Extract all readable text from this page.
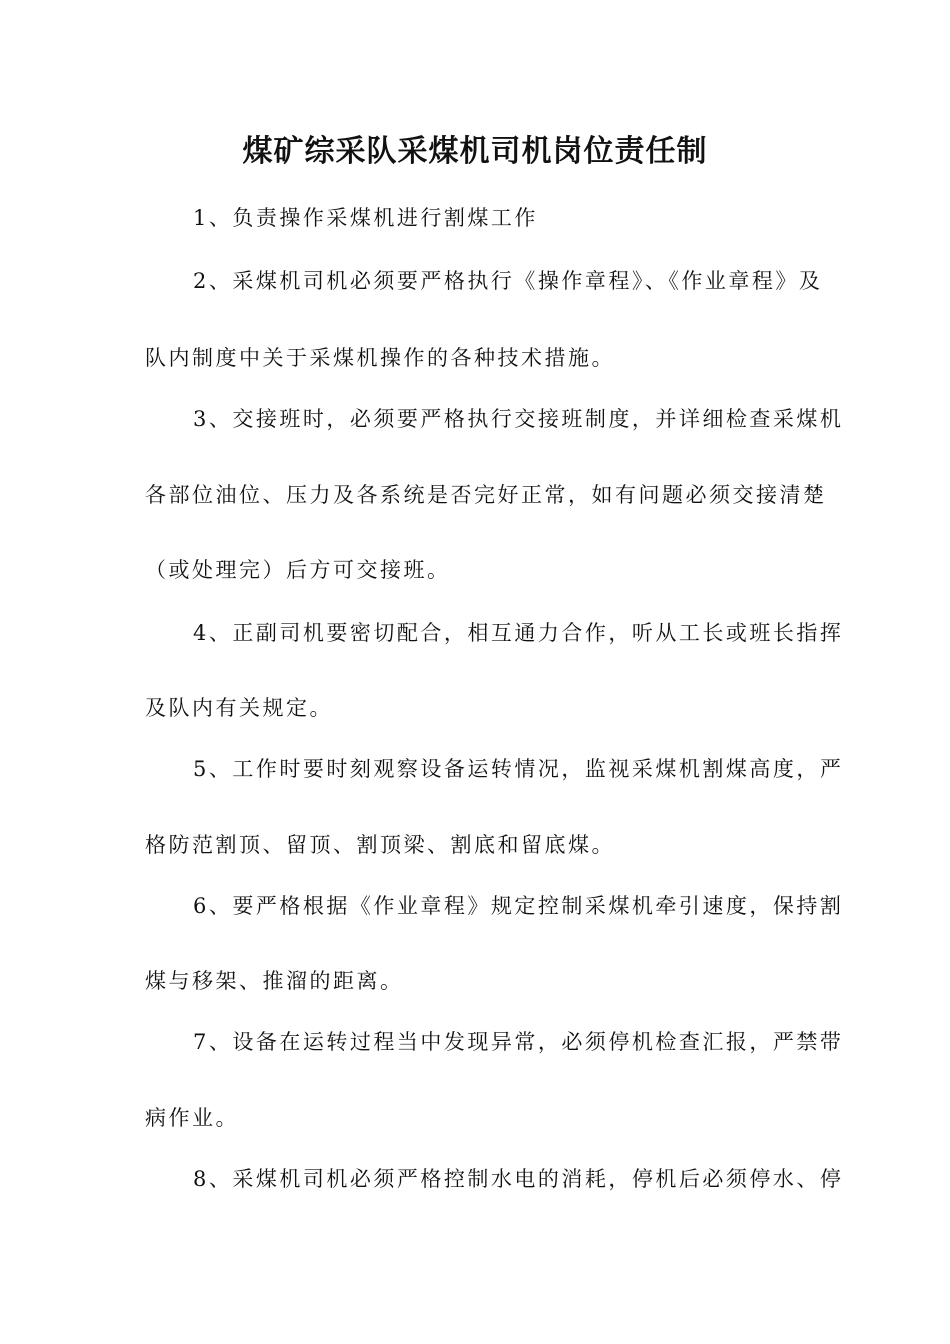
煤矿综采队采煤机司机岗位责任制
1、负责操作采煤机进行割煤工作
2、采煤机司机必须要严格执行《操作章程》、《作业章程》及
队内制度中关于采煤机操作的各种技术措施。
3、交接班时，必须要严格执行交接班制度，并详细检查采煤机
各部位油位、压力及各系统是否完好正常，如有问题必须交接清楚
（或处理完）后方可交接班。
4、正副司机要密切配合，相互通力合作，听从工长或班长指挥
及队内有关规定。
5、工作时要时刻观察设备运转情况，监视采煤机割煤高度，严
格防范割顶、留顶、割顶梁、割底和留底煤。
6、要严格根据《作业章程》规定控制采煤机牵引速度，保持割
煤与移架、推溜的距离。
7、设备在运转过程当中发现异常，必须停机检查汇报，严禁带
病作业。
8、采煤机司机必须严格控制水电的消耗，停机后必须停水、停
